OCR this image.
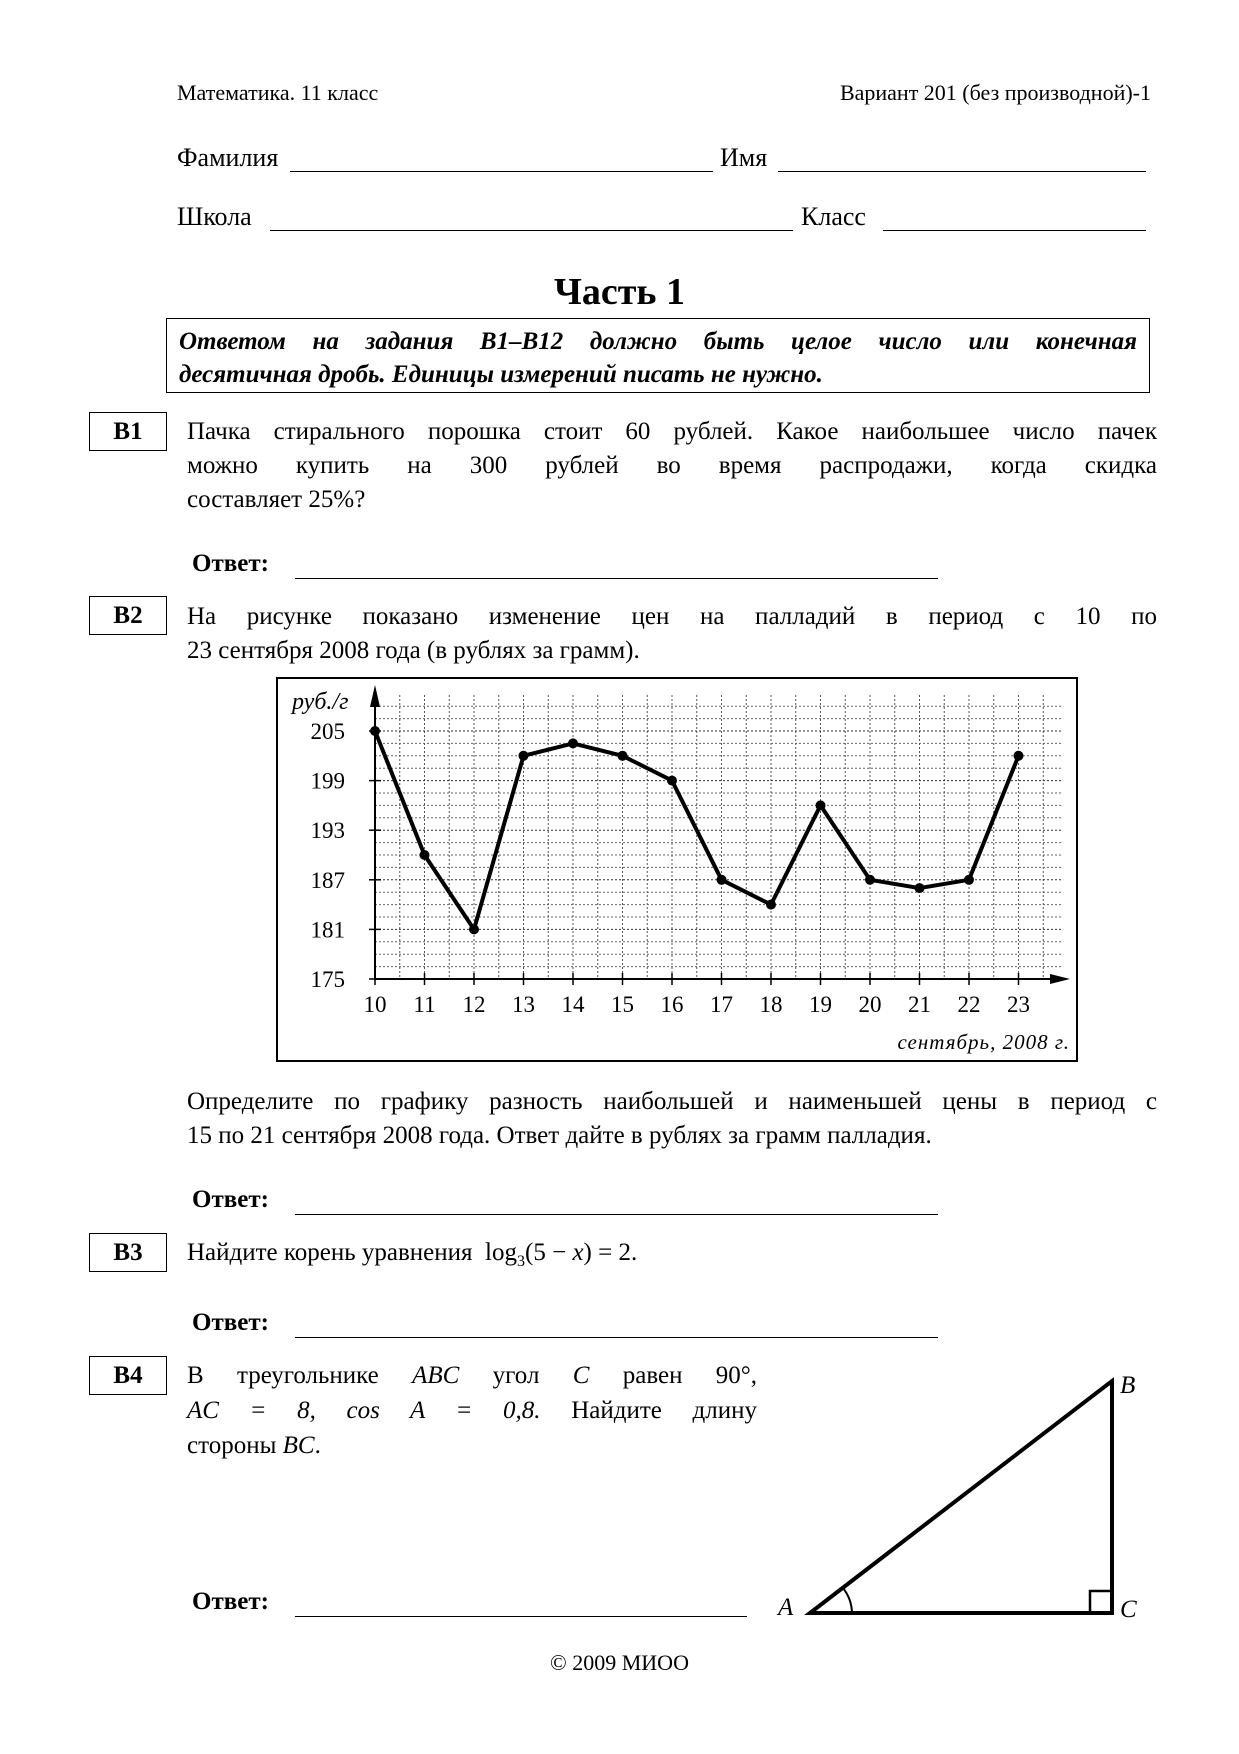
Математика. 11 класс	Вариант 201 (без производной)-1
Фамилия	Имя
Школа	Класс
Часть 1
Ответом на задания В1–В12 должно быть целое число или конечная
десятичная дробь. Единицы измерений писать не нужно.
B1	Пачка стирального порошка стоит 60 рублей. Какое наибольшее число пачек
можно купить на 300 рублей во время распродажи, когда скидка
составляет 25%?
Ответ:
B2	На рисунке показано изменение цен на палладий в период с 10 по
23 сентября 2008 года (в рублях за грамм).
10 11 12 13 14 15 16 17 18 19 20 21 22 23
175
181
187
193
199
205
руб./г
сентябрь, 2008 г.
Определите по графику разность наибольшей и наименьшей цены в период с
15 по 21 сентября 2008 года. Ответ дайте в рублях за грамм палладия.
Ответ:
B3	Найдите корень уравнения $\log_3(5 - x) = 2$.
Ответ:
B4	В треугольнике ABC угол C равен 90°,
AC = 8, cos A = 0,8. Найдите длину
стороны BC.
A
B
C
Ответ:
© 2009 МИОО
